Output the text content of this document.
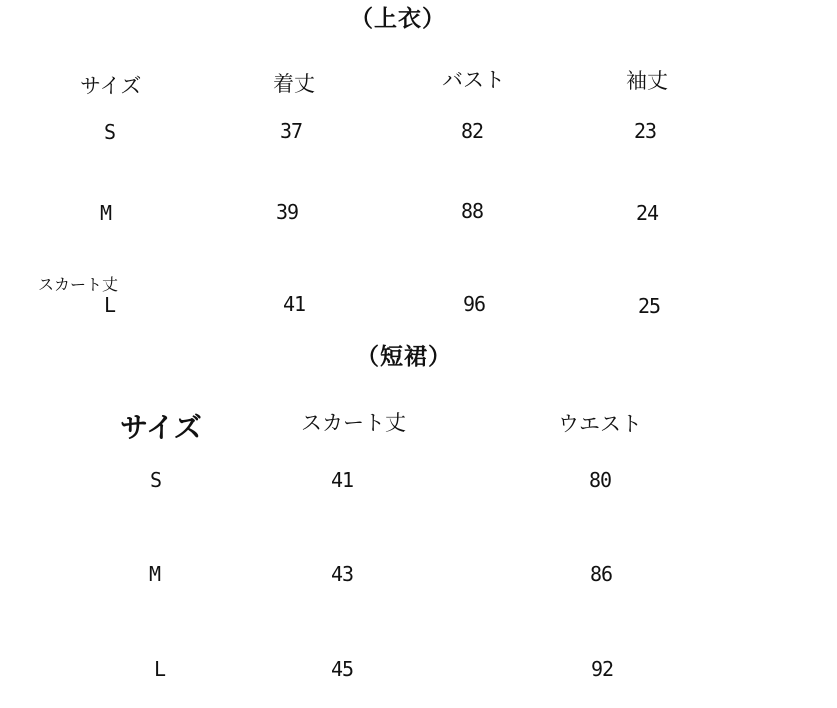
（上衣）
サイズ	着丈	バスト	袖丈
S	37	82	23
M	39	88	24
スカート丈
L	41	96	25
（短裙）
サイズ	スカート丈	ウエスト
S	41	80
M	43	86
L	45	92
